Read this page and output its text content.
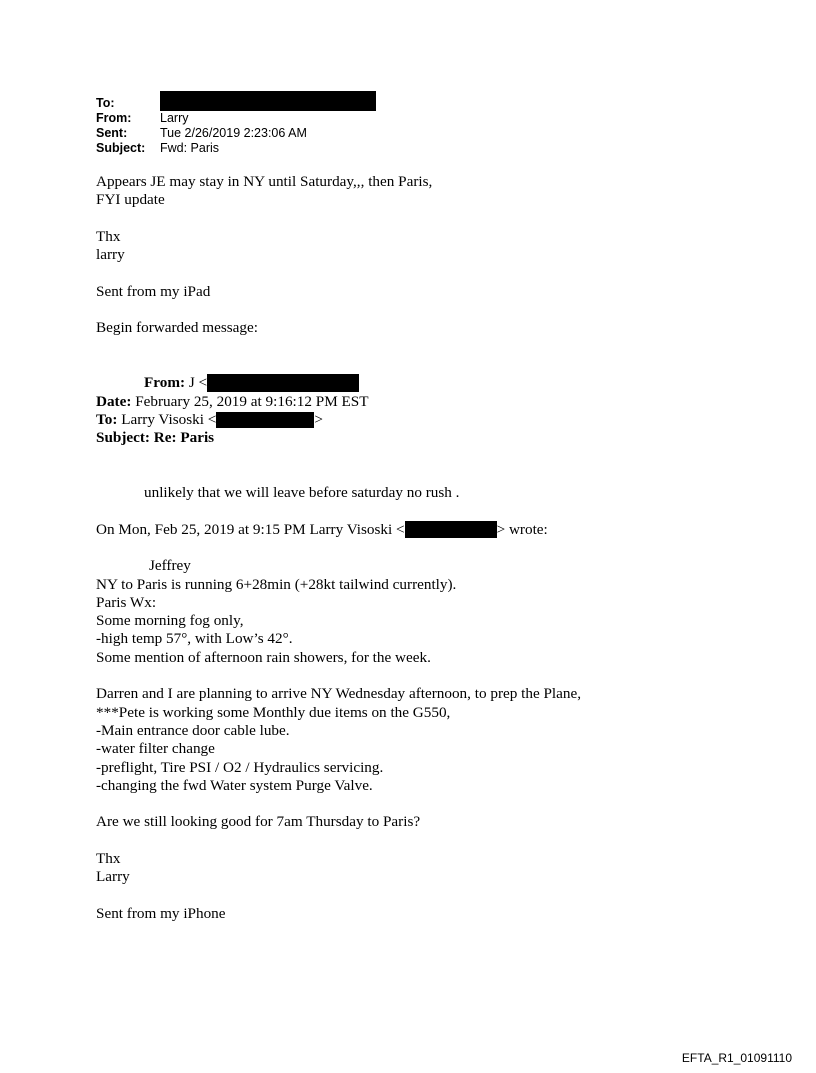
To:
From: Larry
Sent:	Tue 2/26/2019 2:23:06 AM
Subject: Fwd: Paris
Appears JE may stay in NY until Saturday,,, then Paris,
FYI update
Thx
larry
Sent from my iPad
Begin forwarded message:
From: J <
Date: February 25, 2019 at 9:16:12 PM EST
To: Larry Visoski <	>
Subject: Re: Paris
unlikely that we will leave before saturday no rush .
On Mon, Feb 25, 2019 at 9:15 PM Larry Visoski <	> wrote:
Jeffrey
NY to Paris is running 6+28min (+28kt tailwind currently).
Paris Wx:
Some morning fog only,
-high temp 57°, with Low’s 42°.
Some mention of afternoon rain showers, for the week.
Darren and I are planning to arrive NY Wednesday afternoon, to prep the Plane,
***Pete is working some Monthly due items on the G550,
-Main entrance door cable lube.
-water filter change
-preflight, Tire PSI / O2 / Hydraulics servicing.
-changing the fwd Water system Purge Valve.
Are we still looking good for 7am Thursday to Paris?
Thx
Larry
Sent from my iPhone
EFTA_R1_01091110
